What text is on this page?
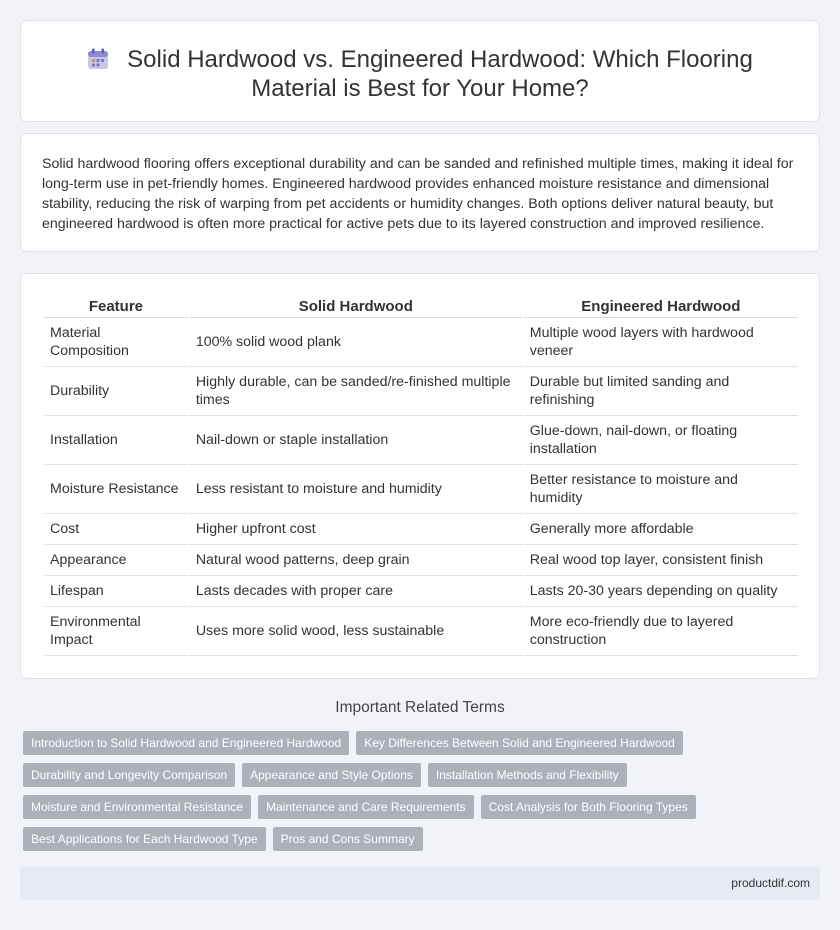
Solid Hardwood vs. Engineered Hardwood: Which Flooring Material is Best for Your Home?

Solid hardwood flooring offers exceptional durability and can be sanded and refinished multiple times, making it ideal for long-term use in pet-friendly homes. Engineered hardwood provides enhanced moisture resistance and dimensional stability, reducing the risk of warping from pet accidents or humidity changes. Both options deliver natural beauty, but engineered hardwood is often more practical for active pets due to its layered construction and improved resilience.

Feature	Solid Hardwood	Engineered Hardwood
Material Composition	100% solid wood plank	Multiple wood layers with hardwood veneer
Durability	Highly durable, can be sanded/re-finished multiple times	Durable but limited sanding and refinishing
Installation	Nail-down or staple installation	Glue-down, nail-down, or floating installation
Moisture Resistance	Less resistant to moisture and humidity	Better resistance to moisture and humidity
Cost	Higher upfront cost	Generally more affordable
Appearance	Natural wood patterns, deep grain	Real wood top layer, consistent finish
Lifespan	Lasts decades with proper care	Lasts 20-30 years depending on quality
Environmental Impact	Uses more solid wood, less sustainable	More eco-friendly due to layered construction
Important Related Terms
Introduction to Solid Hardwood and Engineered Hardwood	Key Differences Between Solid and Engineered Hardwood
Durability and Longevity Comparison	Appearance and Style Options	Installation Methods and Flexibility
Moisture and Environmental Resistance	Maintenance and Care Requirements	Cost Analysis for Both Flooring Types
Best Applications for Each Hardwood Type	Pros and Cons Summary
productdif.com
